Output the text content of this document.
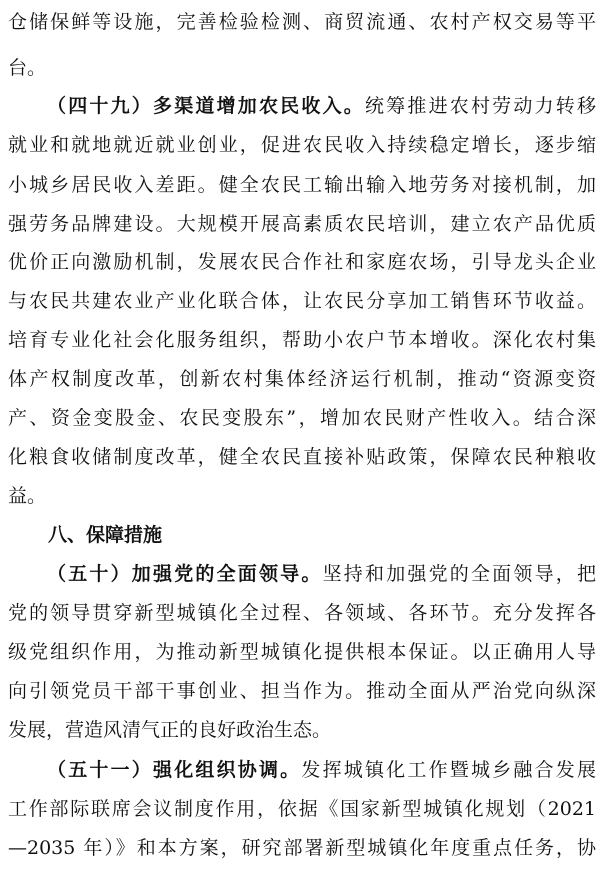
仓储保鲜等设施，完善检验检测、商贸流通、农村产权交易等平
台。
（四十九）多渠道增加农民收入。统筹推进农村劳动力转移
就业和就地就近就业创业，促进农民收入持续稳定增长，逐步缩
小城乡居民收入差距。健全农民工输出输入地劳务对接机制，加
强劳务品牌建设。大规模开展高素质农民培训，建立农产品优质
优价正向激励机制，发展农民合作社和家庭农场，引导龙头企业
与农民共建农业产业化联合体，让农民分享加工销售环节收益。
培育专业化社会化服务组织，帮助小农户节本增收。深化农村集
体产权制度改革，创新农村集体经济运行机制，推动“资源变资
产、资金变股金、农民变股东”，增加农民财产性收入。结合深
化粮食收储制度改革，健全农民直接补贴政策，保障农民种粮收
益。
八、保障措施
（五十）加强党的全面领导。坚持和加强党的全面领导，把
党的领导贯穿新型城镇化全过程、各领域、各环节。充分发挥各
级党组织作用，为推动新型城镇化提供根本保证。以正确用人导
向引领党员干部干事创业、担当作为。推动全面从严治党向纵深
发展，营造风清气正的良好政治生态。
（五十一）强化组织协调。发挥城镇化工作暨城乡融合发展
工作部际联席会议制度作用，依据《国家新型城镇化规划（2021
—2035 年）》和本方案，研究部署新型城镇化年度重点任务，协
